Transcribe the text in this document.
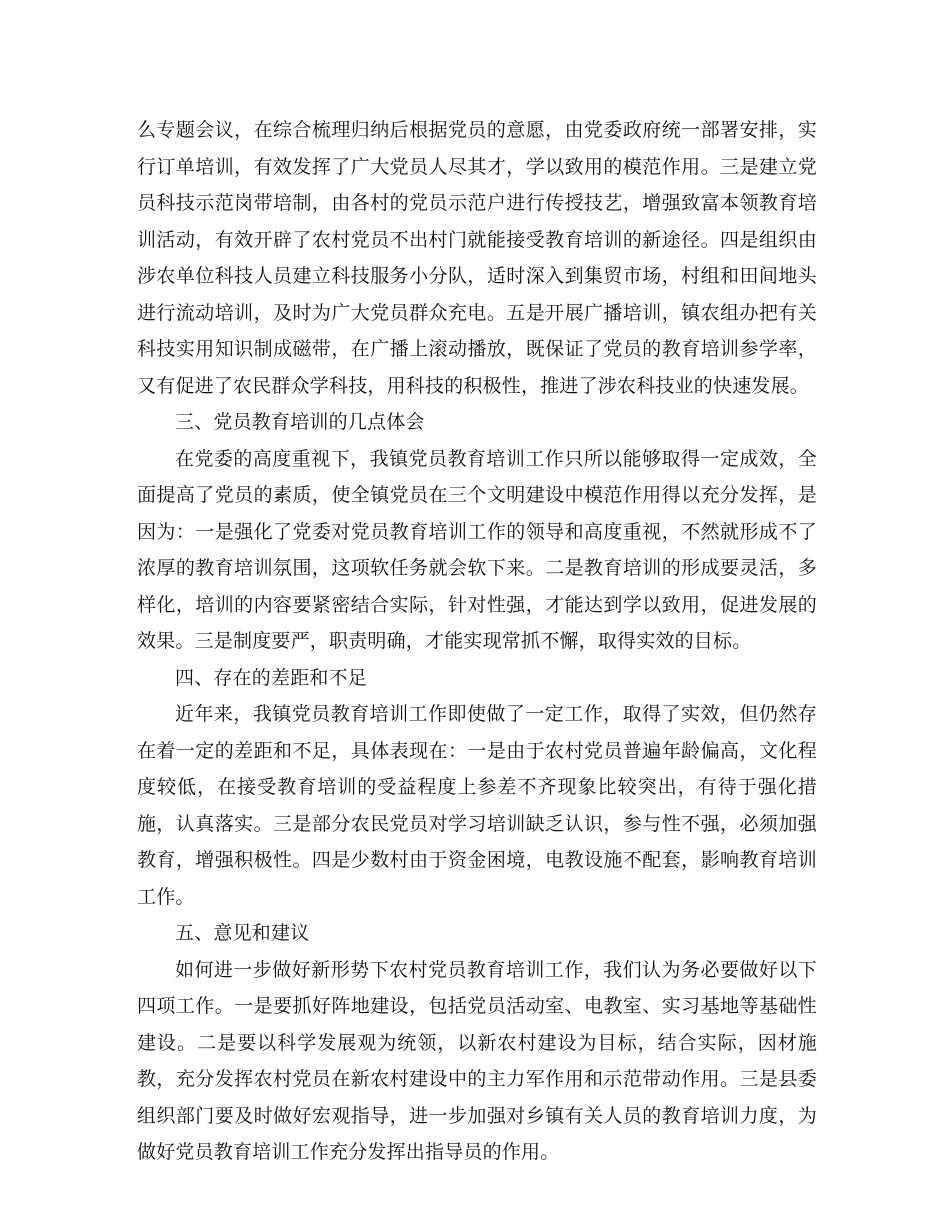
么专题会议，在综合梳理归纳后根据党员的意愿，由党委政府统一部署安排，实行订单培训，有效发挥了广大党员人尽其才，学以致用的模范作用。三是建立党员科技示范岗带培制，由各村的党员示范户进行传授技艺，增强致富本领教育培训活动，有效开辟了农村党员不出村门就能接受教育培训的新途径。四是组织由涉农单位科技人员建立科技服务小分队，适时深入到集贸市场，村组和田间地头进行流动培训，及时为广大党员群众充电。五是开展广播培训，镇农组办把有关科技实用知识制成磁带，在广播上滚动播放，既保证了党员的教育培训参学率，又有促进了农民群众学科技，用科技的积极性，推进了涉农科技业的快速发展。

三、党员教育培训的几点体会

在党委的高度重视下，我镇党员教育培训工作只所以能够取得一定成效，全面提高了党员的素质，使全镇党员在三个文明建设中模范作用得以充分发挥，是因为：一是强化了党委对党员教育培训工作的领导和高度重视，不然就形成不了浓厚的教育培训氛围，这项软任务就会软下来。二是教育培训的形成要灵活，多样化，培训的内容要紧密结合实际，针对性强，才能达到学以致用，促进发展的效果。三是制度要严，职责明确，才能实现常抓不懈，取得实效的目标。

四、存在的差距和不足

近年来，我镇党员教育培训工作即使做了一定工作，取得了实效，但仍然存在着一定的差距和不足，具体表现在：一是由于农村党员普遍年龄偏高，文化程度较低，在接受教育培训的受益程度上参差不齐现象比较突出，有待于强化措施，认真落实。三是部分农民党员对学习培训缺乏认识，参与性不强，必须加强教育，增强积极性。四是少数村由于资金困境，电教设施不配套，影响教育培训工作。

五、意见和建议

如何进一步做好新形势下农村党员教育培训工作，我们认为务必要做好以下四项工作。一是要抓好阵地建设，包括党员活动室、电教室、实习基地等基础性建设。二是要以科学发展观为统领，以新农村建设为目标，结合实际，因材施教，充分发挥农村党员在新农村建设中的主力军作用和示范带动作用。三是县委组织部门要及时做好宏观指导，进一步加强对乡镇有关人员的教育培训力度，为做好党员教育培训工作充分发挥出指导员的作用。
